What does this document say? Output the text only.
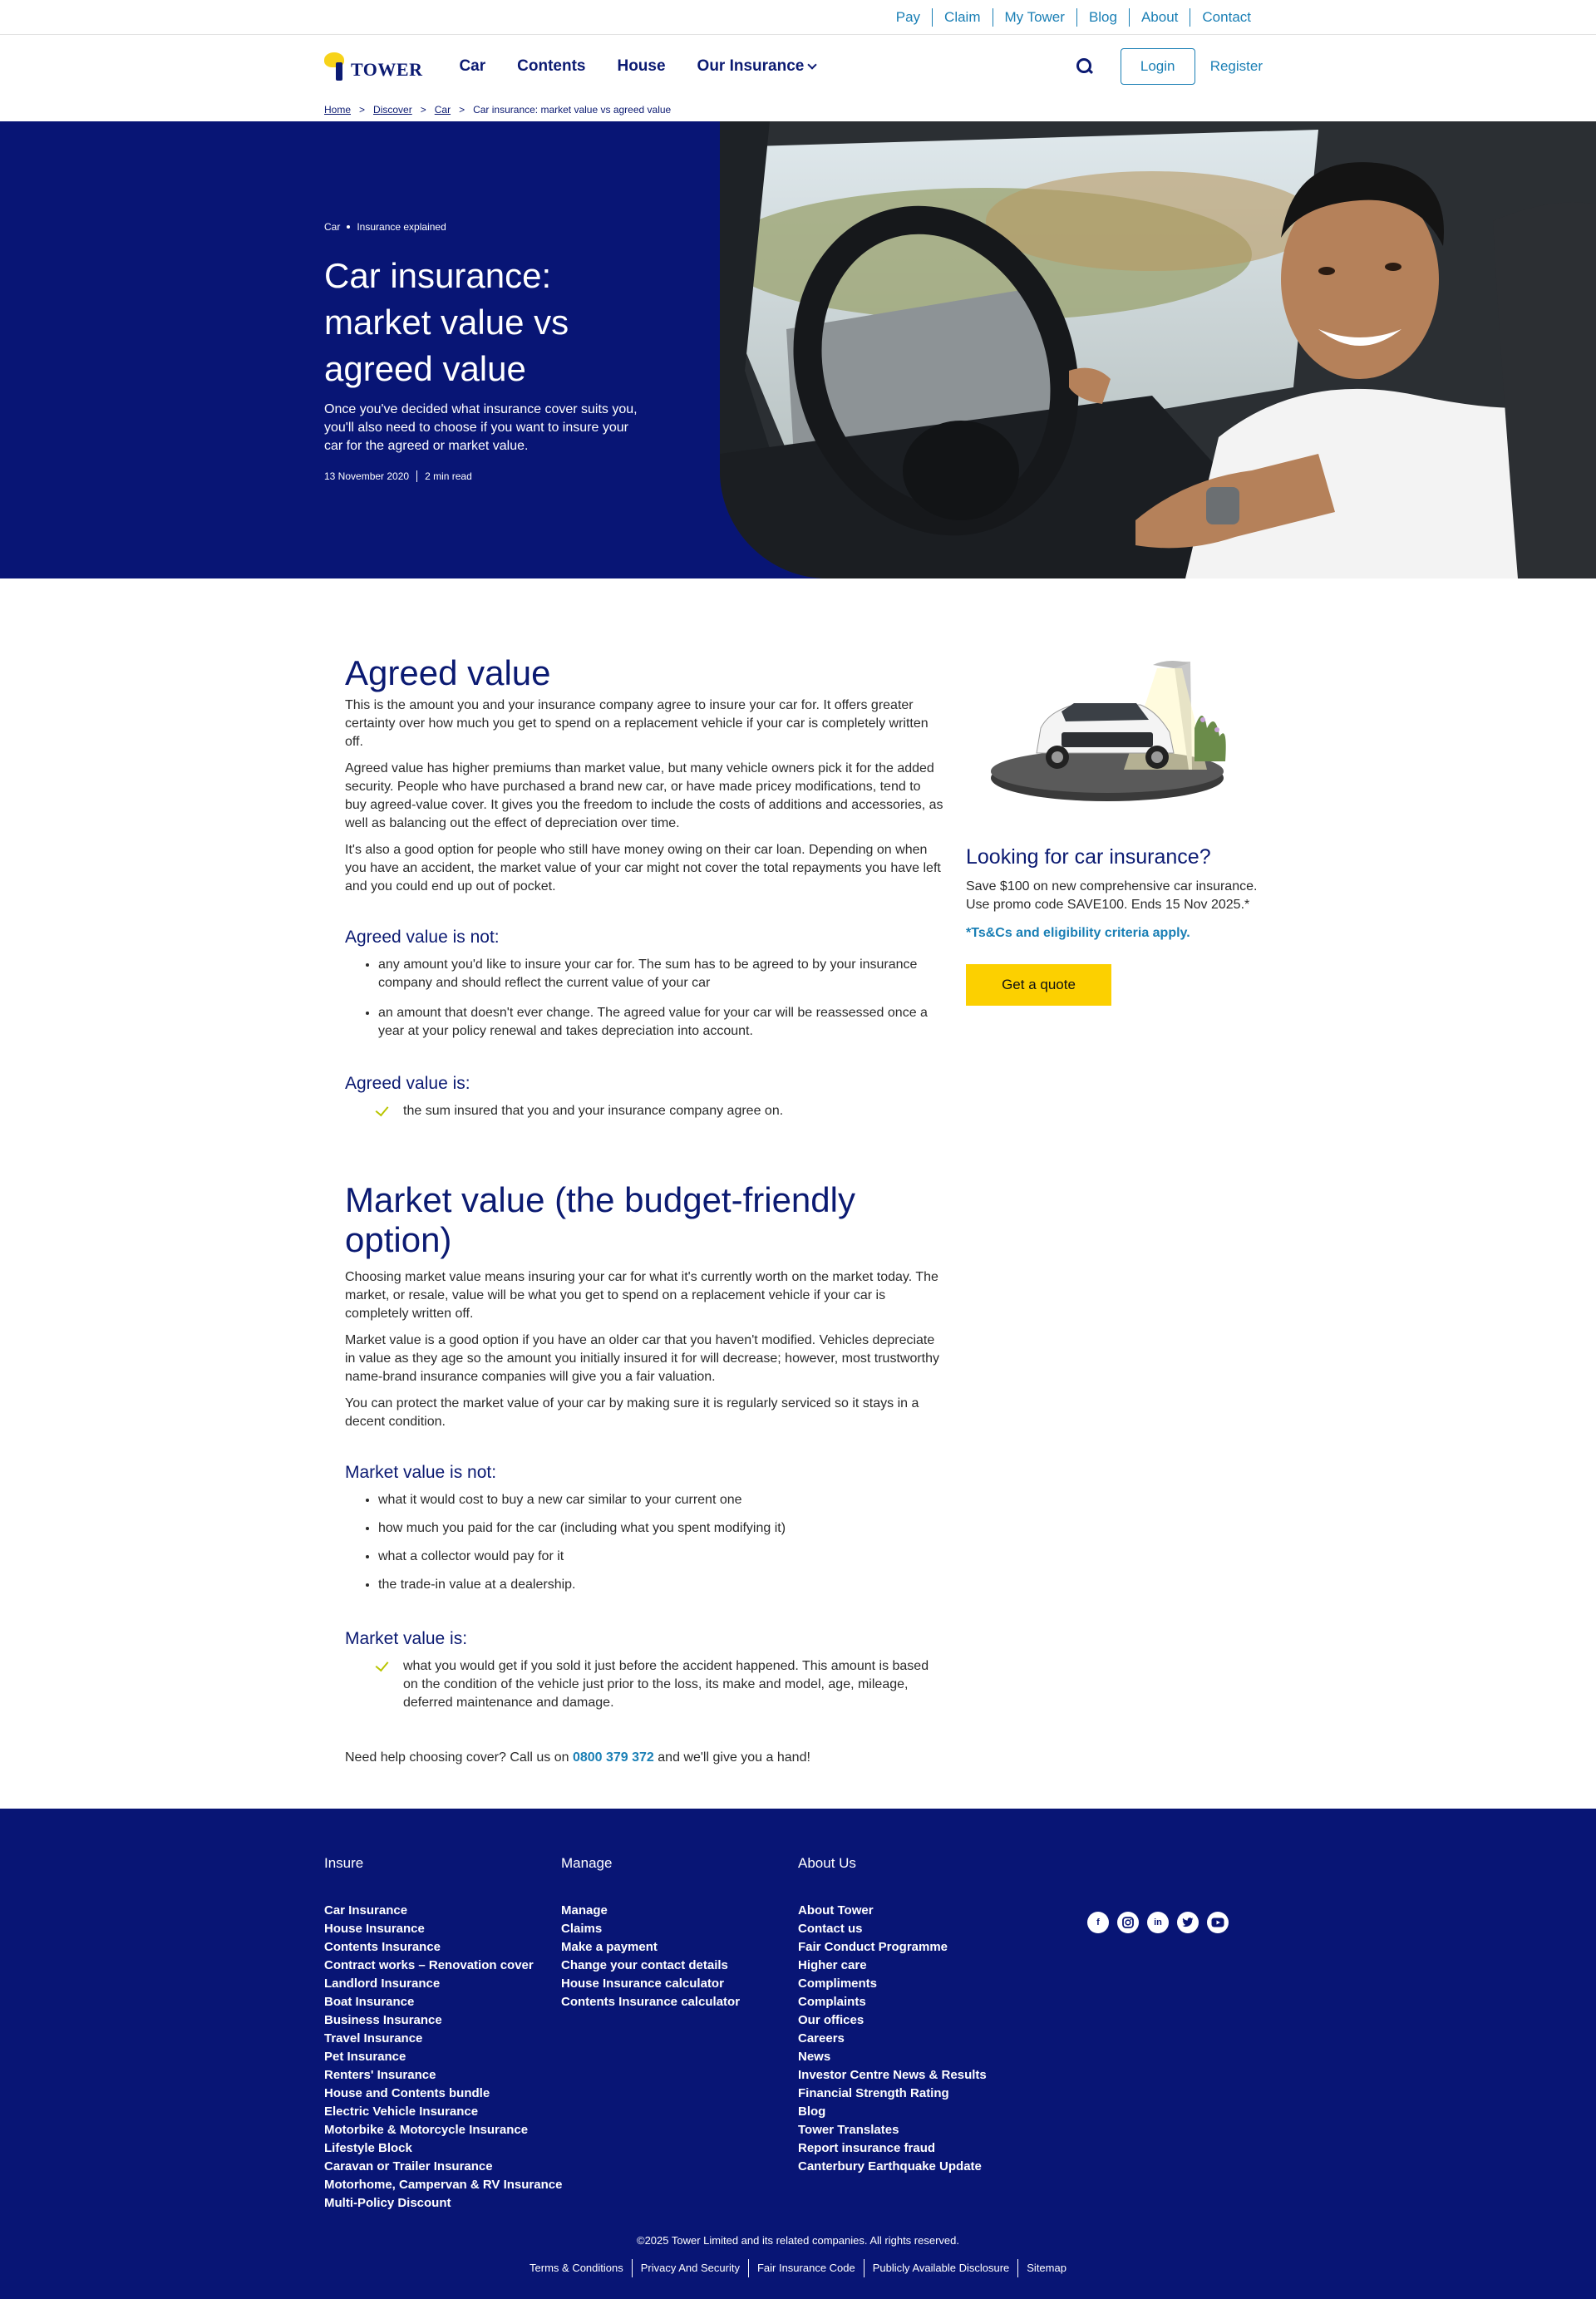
Pay	Claim	My Tower	Blog	About	Contact
TOWER Car Contents House Our Insurance	Login	Register
Home > Discover > Car > Car insurance: market value vs agreed value
Car Insurance explained
Car insurance: market value vs agreed value

Once you've decided what insurance cover suits you, you'll also need to choose if you want to insure your car for the agreed or market value.

13 November 2020 2 min read
Agreed value

This is the amount you and your insurance company agree to insure your car for. It offers greater certainty over how much you get to spend on a replacement vehicle if your car is completely written off.

Agreed value has higher premiums than market value, but many vehicle owners pick it for the added security. People who have purchased a brand new car, or have made pricey modifications, tend to buy agreed-value cover. It gives you the freedom to include the costs of additions and accessories, as well as balancing out the effect of depreciation over time.

It's also a good option for people who still have money owing on their car loan. Depending on when you have an accident, the market value of your car might not cover the total repayments you have left and you could end up out of pocket.

Agreed value is not:
• any amount you'd like to insure your car for. The sum has to be agreed to by your insurance company and should reflect the current value of your car
• an amount that doesn't ever change. The agreed value for your car will be reassessed once a year at your policy renewal and takes depreciation into account.
Agreed value is:
the sum insured that you and your insurance company agree on.
Market value (the budget-friendly option)

Choosing market value means insuring your car for what it's currently worth on the market today. The market, or resale, value will be what you get to spend on a replacement vehicle if your car is completely written off.

Market value is a good option if you have an older car that you haven't modified. Vehicles depreciate in value as they age so the amount you initially insured it for will decrease; however, most trustworthy name-brand insurance companies will give you a fair valuation.

You can protect the market value of your car by making sure it is regularly serviced so it stays in a decent condition.

Market value is not:
• what it would cost to buy a new car similar to your current one
• how much you paid for the car (including what you spent modifying it)
• what a collector would pay for it
• the trade-in value at a dealership.
Market value is:
what you would get if you sold it just before the accident happened. This amount is based on the condition of the vehicle just prior to the loss, its make and model, age, mileage, deferred maintenance and damage.

Need help choosing cover? Call us on 0800 379 372 and we'll give you a hand!

Looking for car insurance?

Save $100 on new comprehensive car insurance. Use promo code SAVE100. Ends 15 Nov 2025.*

*Ts&Cs and eligibility criteria apply.
Get a quote
Insure
Car Insurance
House Insurance
Contents Insurance
Contract works – Renovation cover
Landlord Insurance
Boat Insurance
Business Insurance
Travel Insurance
Pet Insurance
Renters' Insurance
House and Contents bundle
Electric Vehicle Insurance
Motorbike & Motorcycle Insurance
Lifestyle Block
Caravan or Trailer Insurance
Motorhome, Campervan & RV Insurance
Multi-Policy Discount
Manage
Manage
Claims
Make a payment
Change your contact details
House Insurance calculator
Contents Insurance calculator
About Us
About Tower
Contact us
Fair Conduct Programme
Higher care
Compliments
Complaints
Our offices
Careers
News
Investor Centre News & Results
Financial Strength Rating
Blog
Tower Translates
Report insurance fraud
Canterbury Earthquake Update
f	in
©2025 Tower Limited and its related companies. All rights reserved.
Terms & Conditions	Privacy And Security	Fair Insurance Code	Publicly Available Disclosure	Sitemap
